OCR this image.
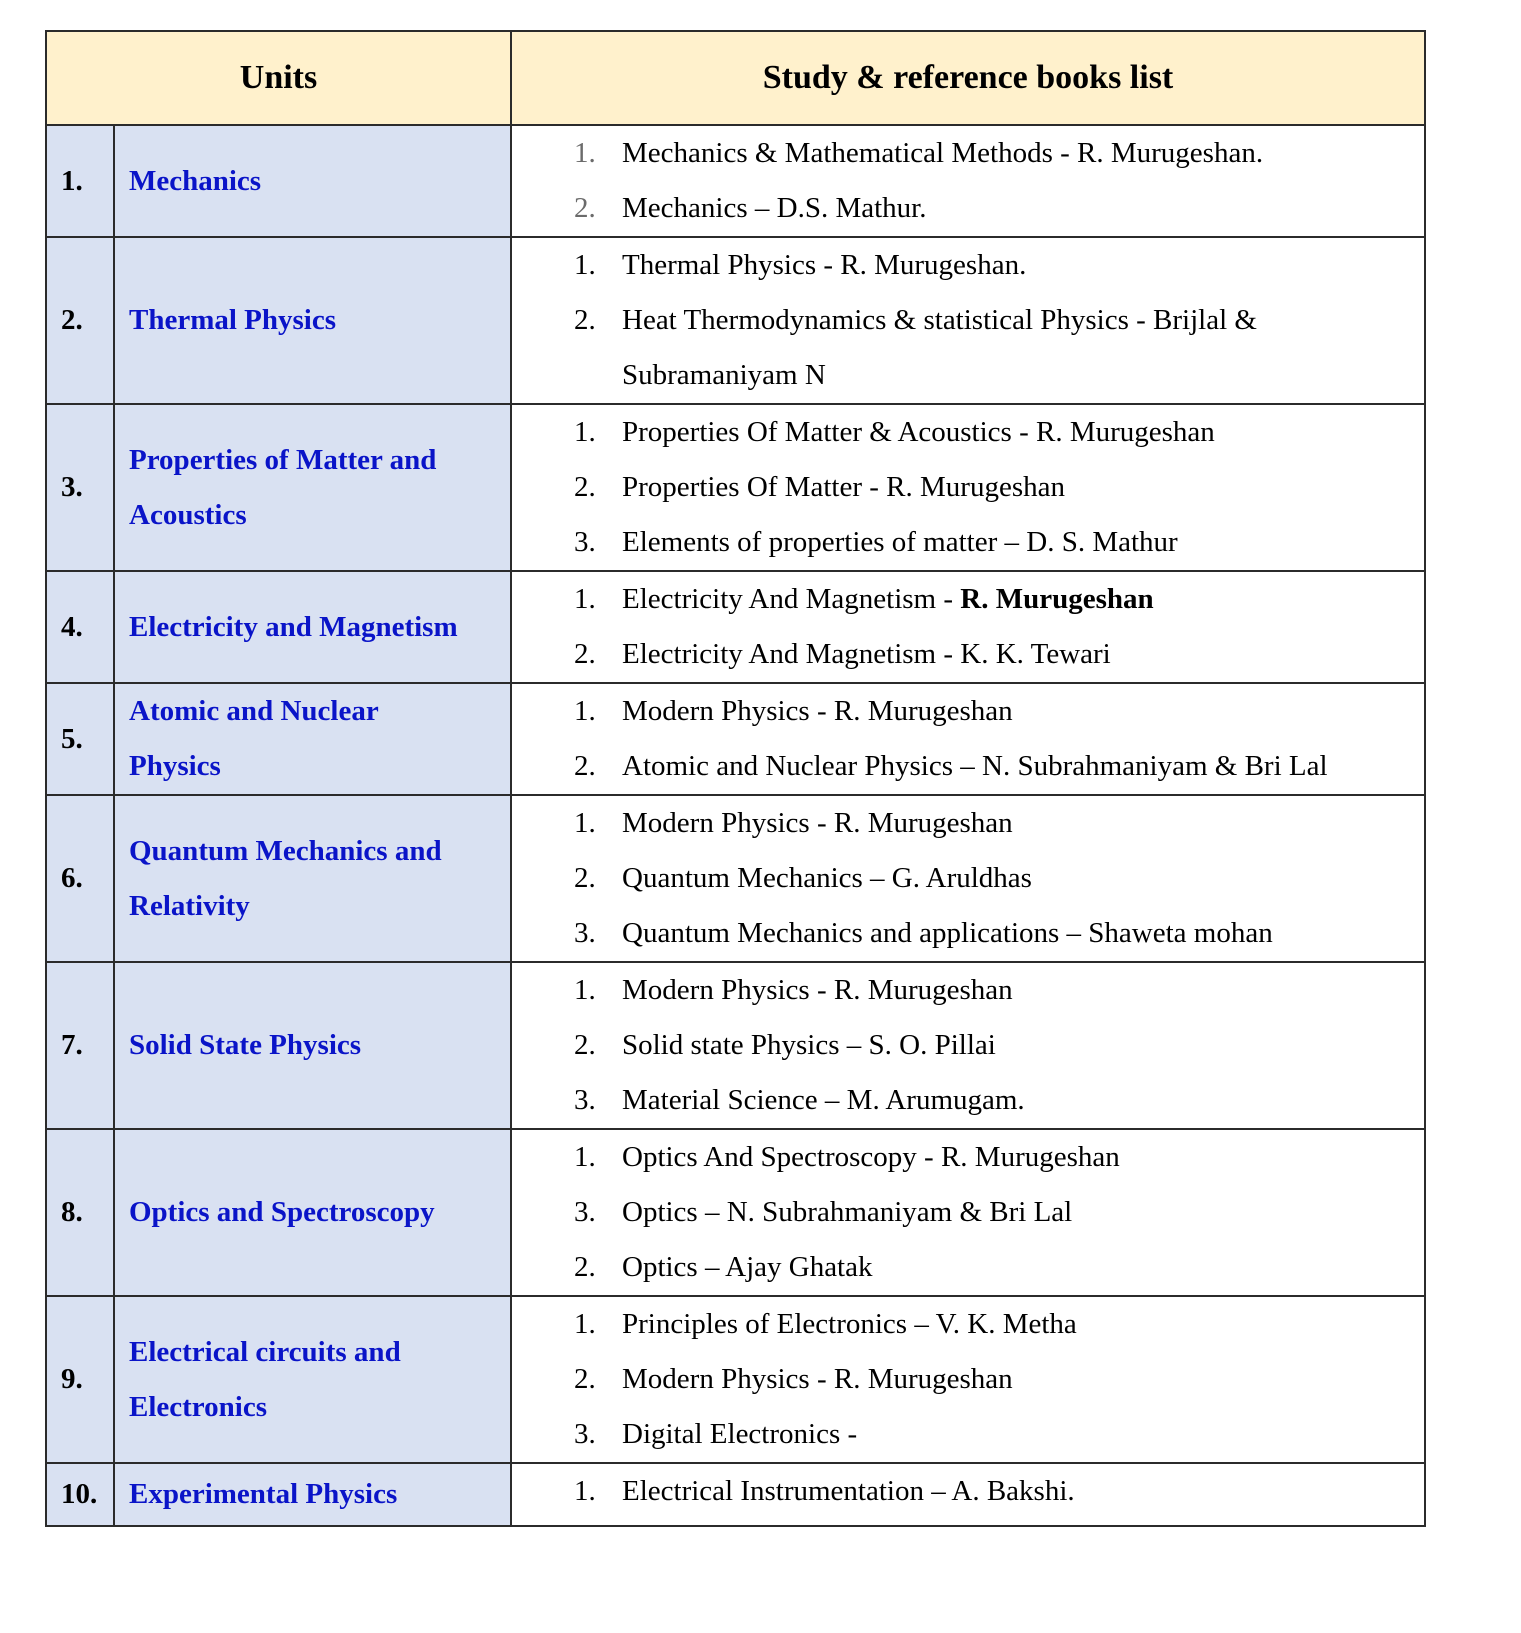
Units		Study & reference books list
1.	Mechanics	
1. Mechanics & Mathematical Methods - R. Murugeshan.
2. Mechanics – D.S. Mathur.

2.	Thermal Physics	
1. Thermal Physics - R. Murugeshan.
2. Heat Thermodynamics & statistical Physics - Brijlal & Subramaniyam N

3.	Properties of Matter and Acoustics	
1. Properties Of Matter & Acoustics - R. Murugeshan
2. Properties Of Matter - R. Murugeshan
3. Elements of properties of matter – D. S. Mathur

4.	Electricity and Magnetism	
1. Electricity And Magnetism - R. Murugeshan
2. Electricity And Magnetism - K. K. Tewari

5.	Atomic and Nuclear Physics	
1. Modern Physics - R. Murugeshan
2. Atomic and Nuclear Physics – N. Subrahmaniyam & Bri Lal

6.	Quantum Mechanics and Relativity	
1. Modern Physics - R. Murugeshan
2. Quantum Mechanics – G. Aruldhas
3. Quantum Mechanics and applications – Shaweta mohan

7.	Solid State Physics	
1. Modern Physics - R. Murugeshan
2. Solid state Physics – S. O. Pillai
3. Material Science – M. Arumugam.

8.	Optics and Spectroscopy	
1. Optics And Spectroscopy - R. Murugeshan
3. Optics – N. Subrahmaniyam & Bri Lal
2. Optics – Ajay Ghatak

9.	Electrical circuits and Electronics	
1. Principles of Electronics – V. K. Metha
2. Modern Physics - R. Murugeshan
3. Digital Electronics -

10.	Experimental Physics	1. Electrical Instrumentation – A. Bakshi.
